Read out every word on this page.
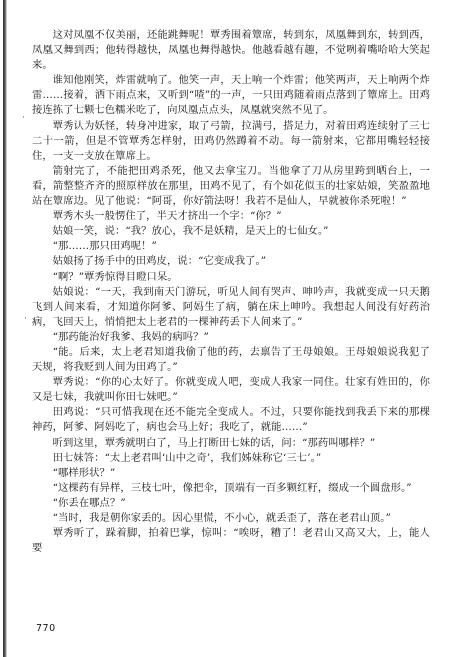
·
·

这对凤凰不仅美丽，还能跳舞呢！覃秀围着簟席，转到东，凤凰舞到东，转到西，凤凰又舞到西；他转得越快，凤凰也舞得越快。他越看越有趣，不觉咧着嘴哈哈大笑起来。

谁知他刚笑，炸雷就响了。他笑一声，天上响一个炸雷；他笑两声，天上响两个炸雷……接着，洒下雨点来，又听到“喳”的一声，一只田鸡随着雨点落到了簟席上。田鸡接连拣了七颗七色糯米吃了，向凤凰点点头，凤凰就突然不见了。

覃秀认为妖怪，转身冲进家，取了弓箭，拉满弓，搭足力，对着田鸡连续射了三七二十一箭，但是不管覃秀怎样射，田鸡仍然蹲着不动。每一箭射来，它都用嘴轻轻接住，一支一支放在簟席上。

箭射完了，不能把田鸡杀死，他又去拿宝刀。当他拿了刀从房里跨到晒台上，一看，箭整整齐齐的照原样放在那里，田鸡不见了，有个如花似玉的壮家姑娘，笑盈盈地站在簟席边。见了他说：“阿哥，你好箭法呀！我若不是仙人，早就被你杀死啦！”

覃秀木头一般愣住了，半天才挤出一个字：“你？”

姑娘一笑，说：“我？放心，我不是妖精，是天上的七仙女。”

“那……那只田鸡呢！”

姑娘扬了扬手中的田鸡皮，说：“它变成我了。”

“啊？”覃秀惊得目瞪口呆。

姑娘说：“一天，我到南天门游玩，听见人间有哭声、呻吟声，我就变成一只天鹅飞到人间来看，才知道你阿爹、阿妈生了病，躺在床上呻吟。我想起人间没有好药治病，飞回天上，悄悄把太上老君的一棵神药丢下人间来了。”

“那药能治好我爹、我妈的病吗？”

“能。后来，太上老君知道我偷了他的药，去禀告了王母娘娘。王母娘娘说我犯了天规，将我贬到人间为田鸡了。”

覃秀说：“你的心太好了。你就变成人吧，变成人我家一同住。壮家有姓田的，你又是七妹，我就叫你田七妹吧。”

田鸡说：“只可惜我现在还不能完全变成人。不过，只要你能找到我丢下来的那棵神药，阿爹、阿妈吃了，病也会马上好；我吃了，就能……”

听到这里，覃秀就明白了，马上打断田七妹的话，问：“那药叫哪样？”

田七妹答：“太上老君叫‘山中之奇’，我们姊妹称它‘三七’。”

“哪样形状？”

“这棵药有异样，三枝七叶，像把伞，顶端有一百多颗红籽，缀成一个圆盘形。”

“你丢在哪点？”

“当时，我是朝你家丢的。因心里慌，不小心，就丢歪了，落在老君山顶。”

覃秀听了，跺着脚，拍着巴掌，惊叫：“唉呀，糟了！老君山又高又大，上，能人要

770
